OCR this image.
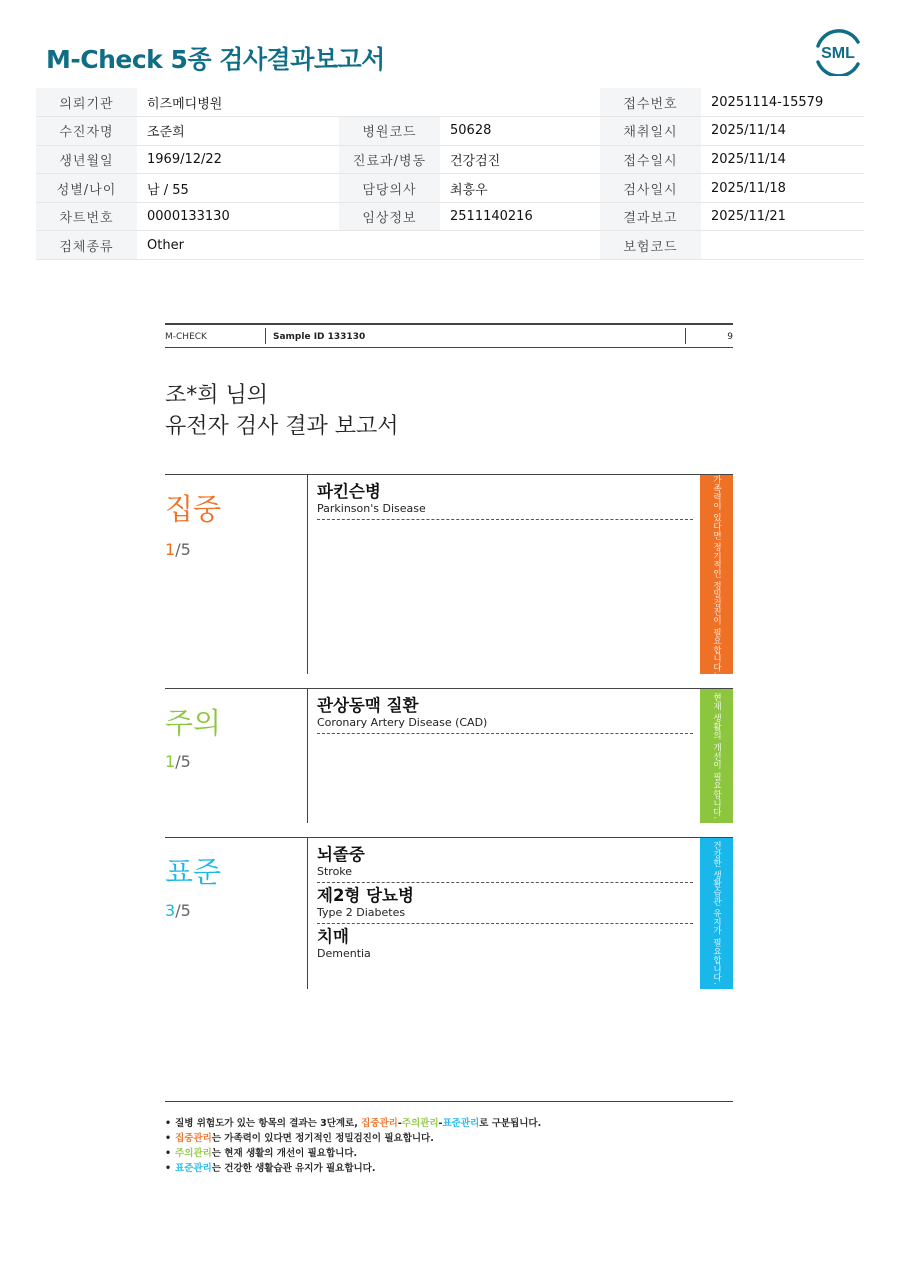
M-Check 5종 검사결과보고서	SML
의뢰기관	히즈메디병원			접수번호	20251114-15579
수진자명	조준희	병원코드	50628	채취일시	2025/11/14
생년월일	1969/12/22	진료과/병동	건강검진	접수일시	2025/11/14
성별/나이	남 / 55	담당의사	최흥우	검사일시	2025/11/18
차트번호	0000133130	임상정보	2511140216	결과보고	2025/11/21
검체종류	Other			보험코드	
M-CHECK	Sample ID 133130	9
조*희 님의
유전자 검사 결과 보고서
집중
1/5
파킨슨병
Parkinson's Disease	가족력이 있다면 정기적인 정밀검진이 필요합니다.
주의
1/5
관상동맥 질환
Coronary Artery Disease (CAD)	현재 생활의 개선이 필요합니다.
표준
3/5
뇌졸중
Stroke
제2형 당뇨병
Type 2 Diabetes
치매
Dementia	건강한 생활습관 유지가 필요합니다.
• 질병 위험도가 있는 항목의 결과는 3단계로, 집중관리-주의관리-표준관리로 구분됩니다.
• 집중관리는 가족력이 있다면 정기적인 정밀검진이 필요합니다.
• 주의관리는 현재 생활의 개선이 필요합니다.
• 표준관리는 건강한 생활습관 유지가 필요합니다.
